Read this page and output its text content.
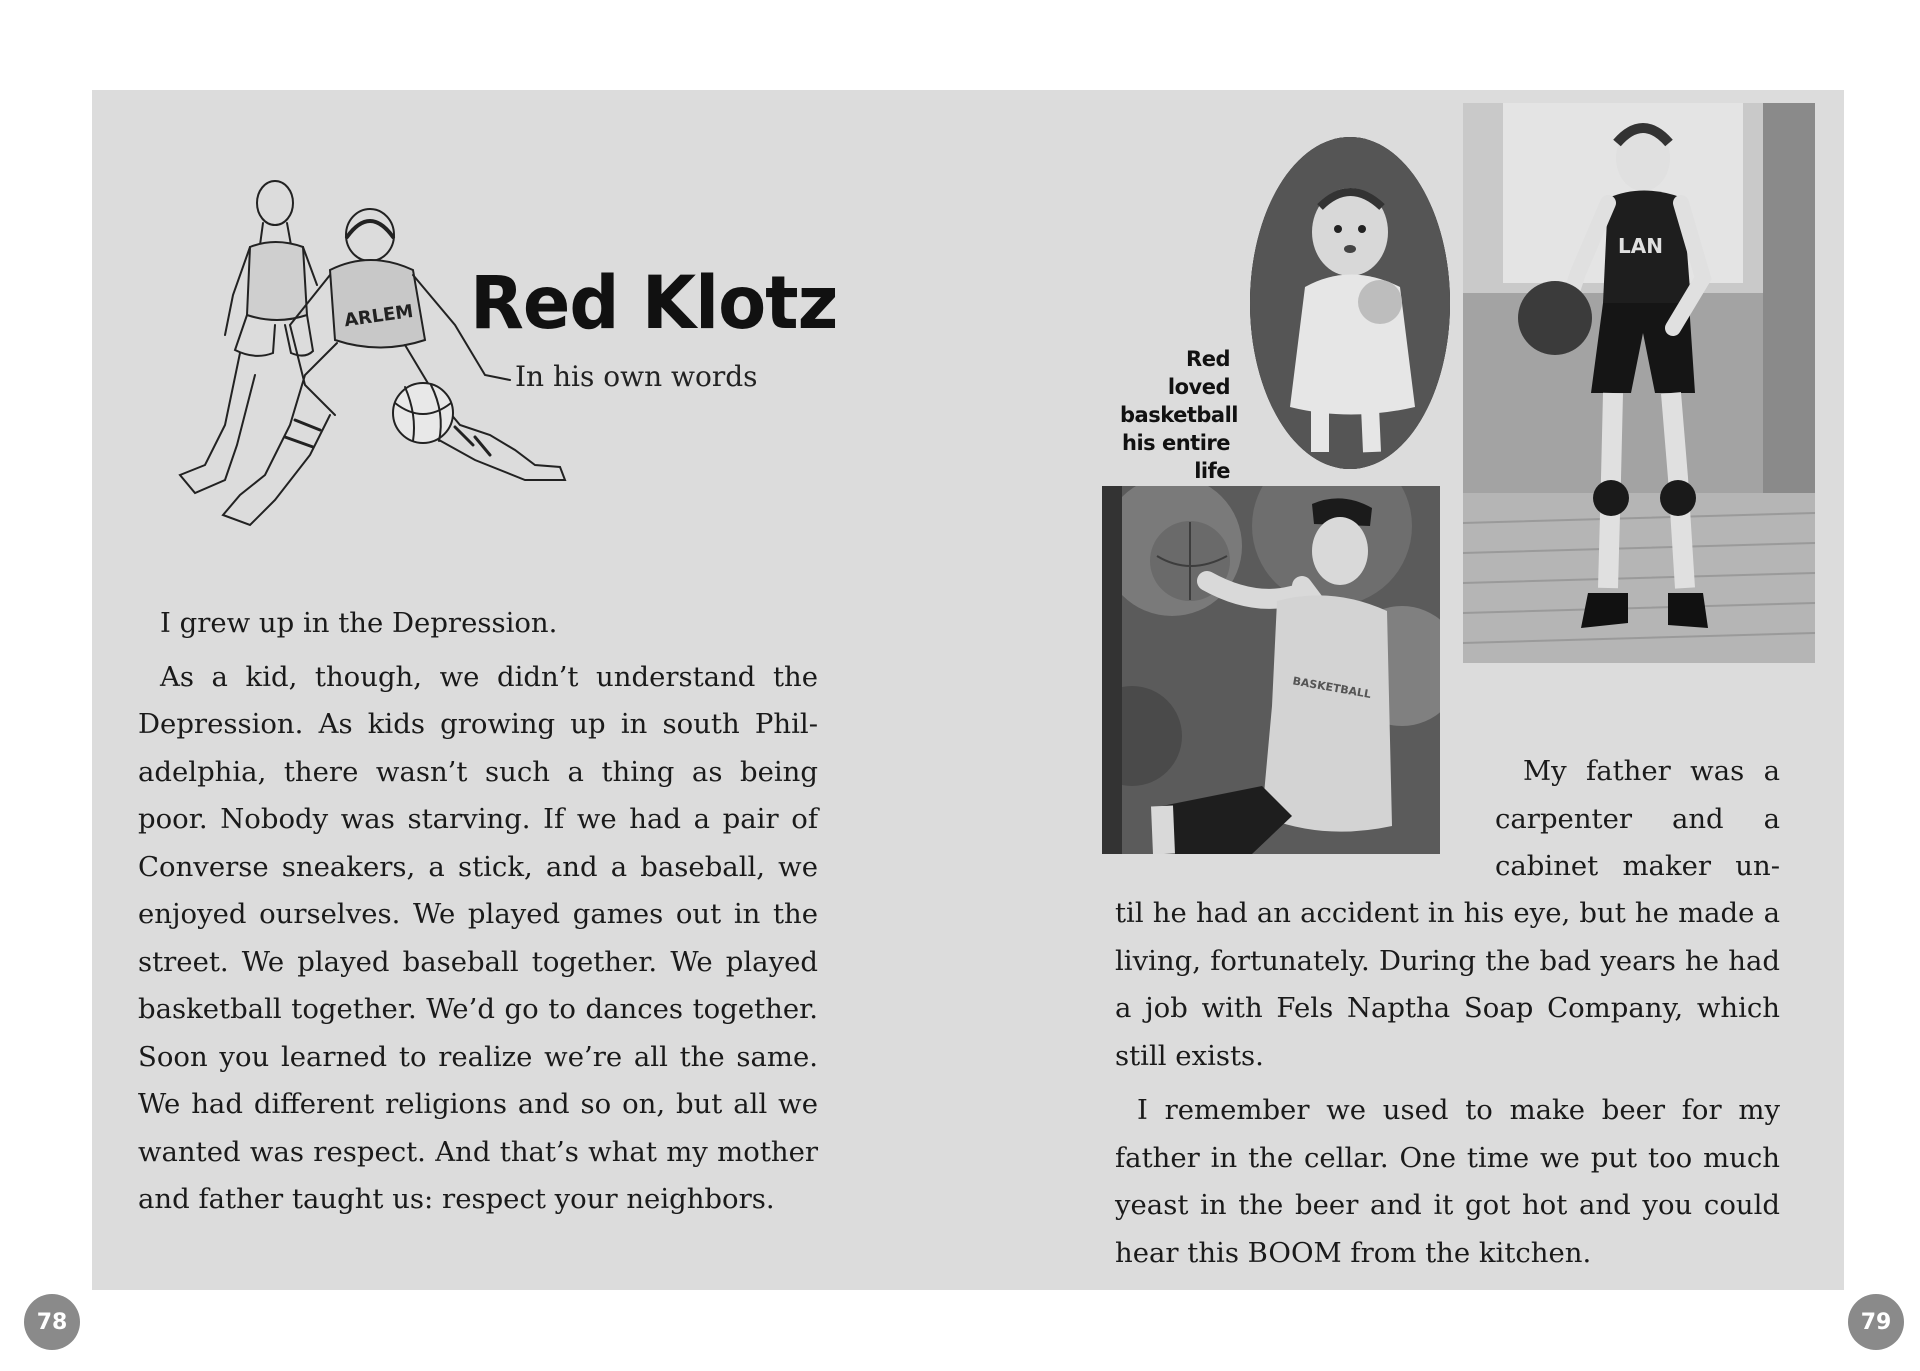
ARLEM Red Klotz
In his own words
Red loved
basketball
his entire
life
LAN
BASKETBALL

I grew up in the Depression.

As a kid, though, we didn’t understand the Depression. As kids growing up in south Philadelphia, there wasn’t such a thing as being poor. Nobody was starving. If we had a pair of Converse sneakers, a stick, and a baseball, we enjoyed ourselves. We played games out in the street. We played baseball together. We played basketball together. We’d go to dances together. Soon you learned to realize we’re all the same. We had different religions and so on, but all we wanted was respect. And that’s what my mother and father taught us: respect your neighbors.

My father was a
carpenter and a
cabinet maker un-

til he had an accident in his eye, but he made a living, fortunately. During the bad years he had a job with Fels Naptha Soap Company, which still exists.

I remember we used to make beer for my father in the cellar. One time we put too much yeast in the beer and it got hot and you could hear this BOOM from the kitchen.

78	79
